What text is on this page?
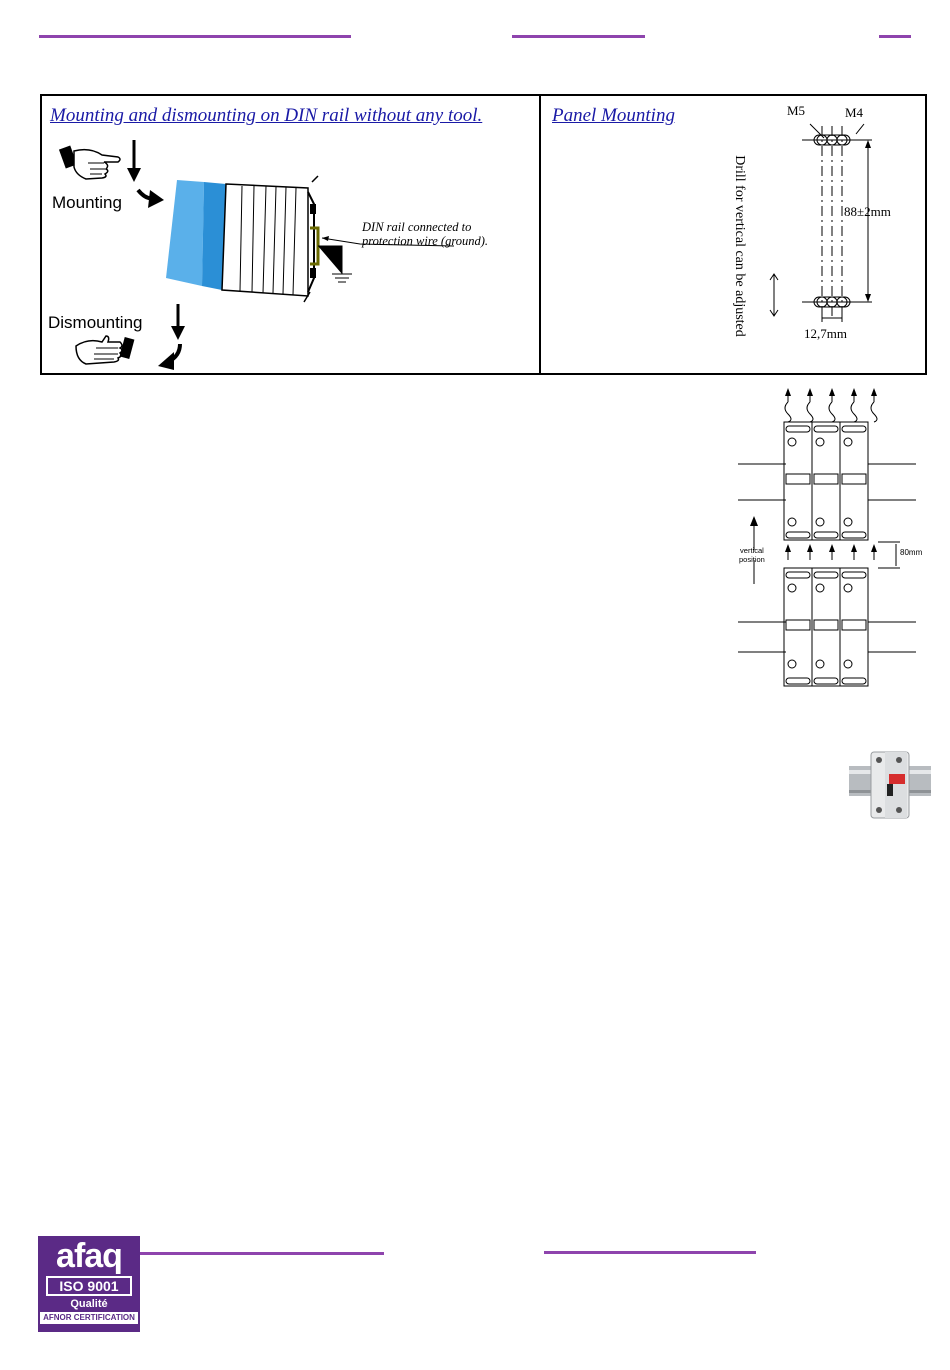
Mounting and dismounting on DIN rail without any tool.
Mounting
DIN rail connected to
protection wire (ground).
Dismounting
Panel Mounting	M5	M4
88±2mm
12,7mm
Drill for vertical can be adjusted
vertical
position
80mm
afaq
ISO 9001
Qualité
AFNOR CERTIFICATION
